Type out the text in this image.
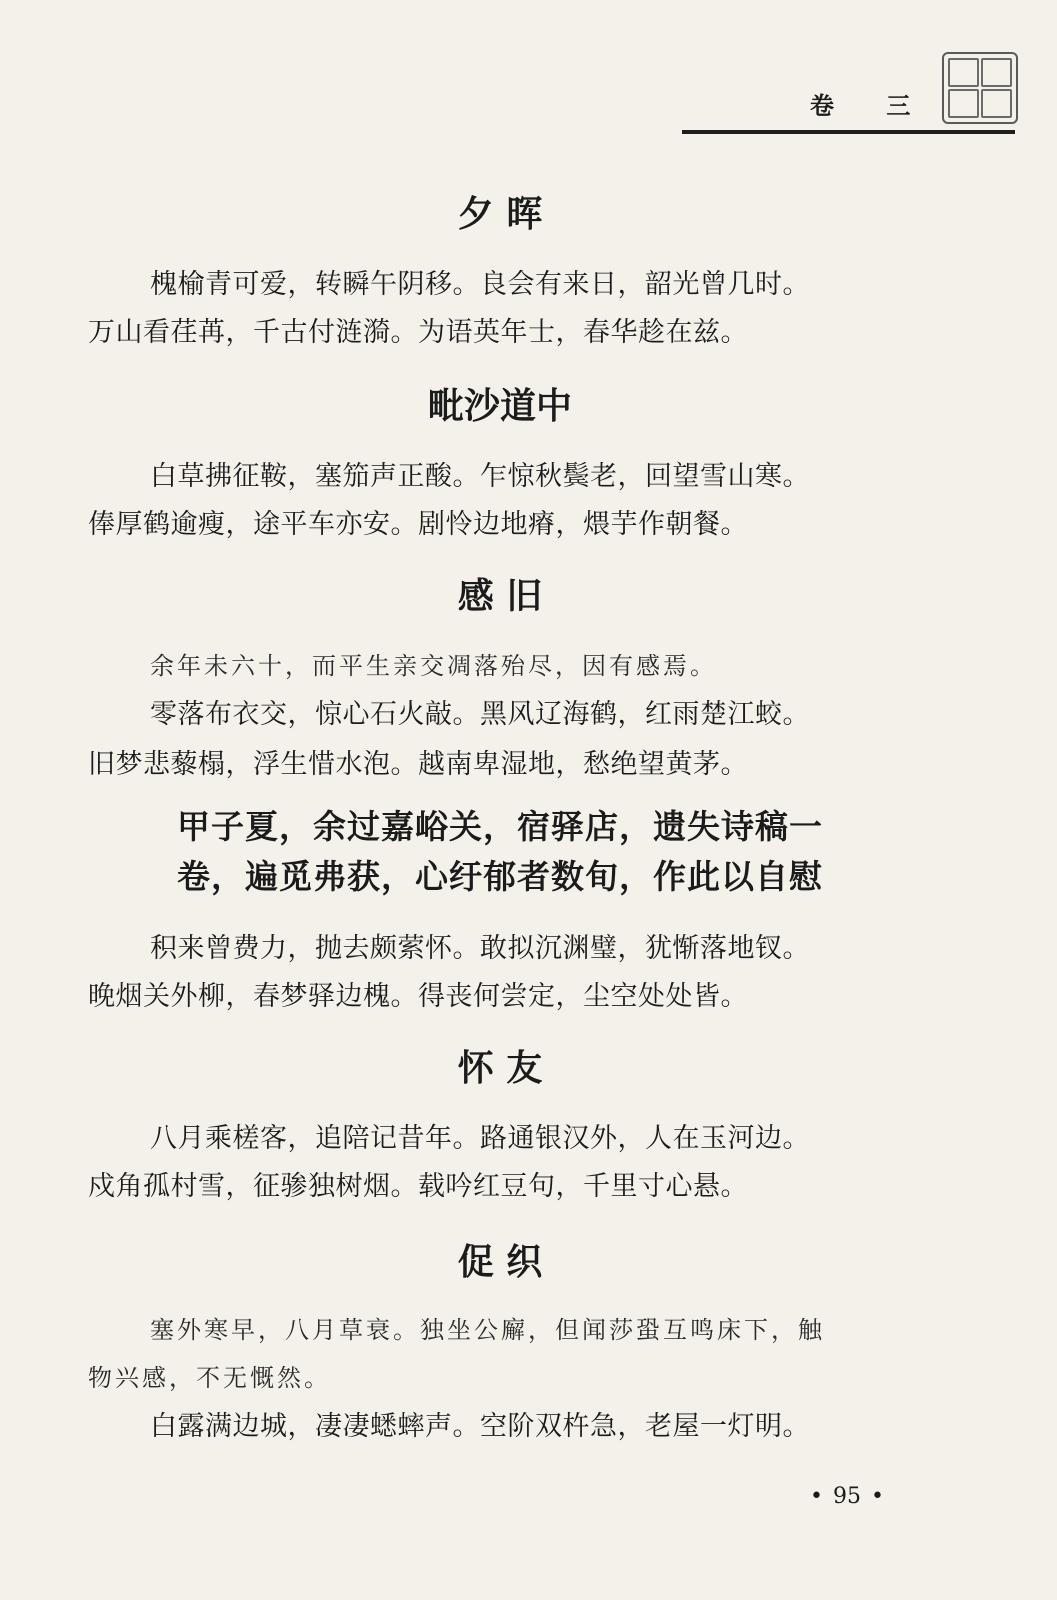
卷 三
夕 晖
槐榆青可爱，转瞬午阴移。良会有来日，韶光曾几时。
万山看荏苒，千古付涟漪。为语英年士，春华趁在兹。
毗沙道中
白草拂征鞍，塞笳声正酸。乍惊秋鬓老，回望雪山寒。
俸厚鹤逾瘦，途平车亦安。剧怜边地瘠，煨芋作朝餐。
感 旧
余年未六十，而平生亲交凋落殆尽，因有感焉。
零落布衣交，惊心石火敲。黑风辽海鹤，红雨楚江蛟。
旧梦悲藜榻，浮生惜水泡。越南卑湿地，愁绝望黄茅。
甲子夏，余过嘉峪关，宿驿店，遗失诗稿一
卷，遍觅弗获，心纡郁者数旬，作此以自慰
积来曾费力，抛去颇萦怀。敢拟沉渊璧，犹惭落地钗。
晚烟关外柳，春梦驿边槐。得丧何尝定，尘空处处皆。
怀 友
八月乘槎客，追陪记昔年。路通银汉外，人在玉河边。
戍角孤村雪，征骖独树烟。载吟红豆句，千里寸心悬。
促 织
塞外寒早，八月草衰。独坐公廨，但闻莎蛩互鸣床下，触
物兴感，不无慨然。
白露满边城，凄凄蟋蟀声。空阶双杵急，老屋一灯明。
• 95 •
